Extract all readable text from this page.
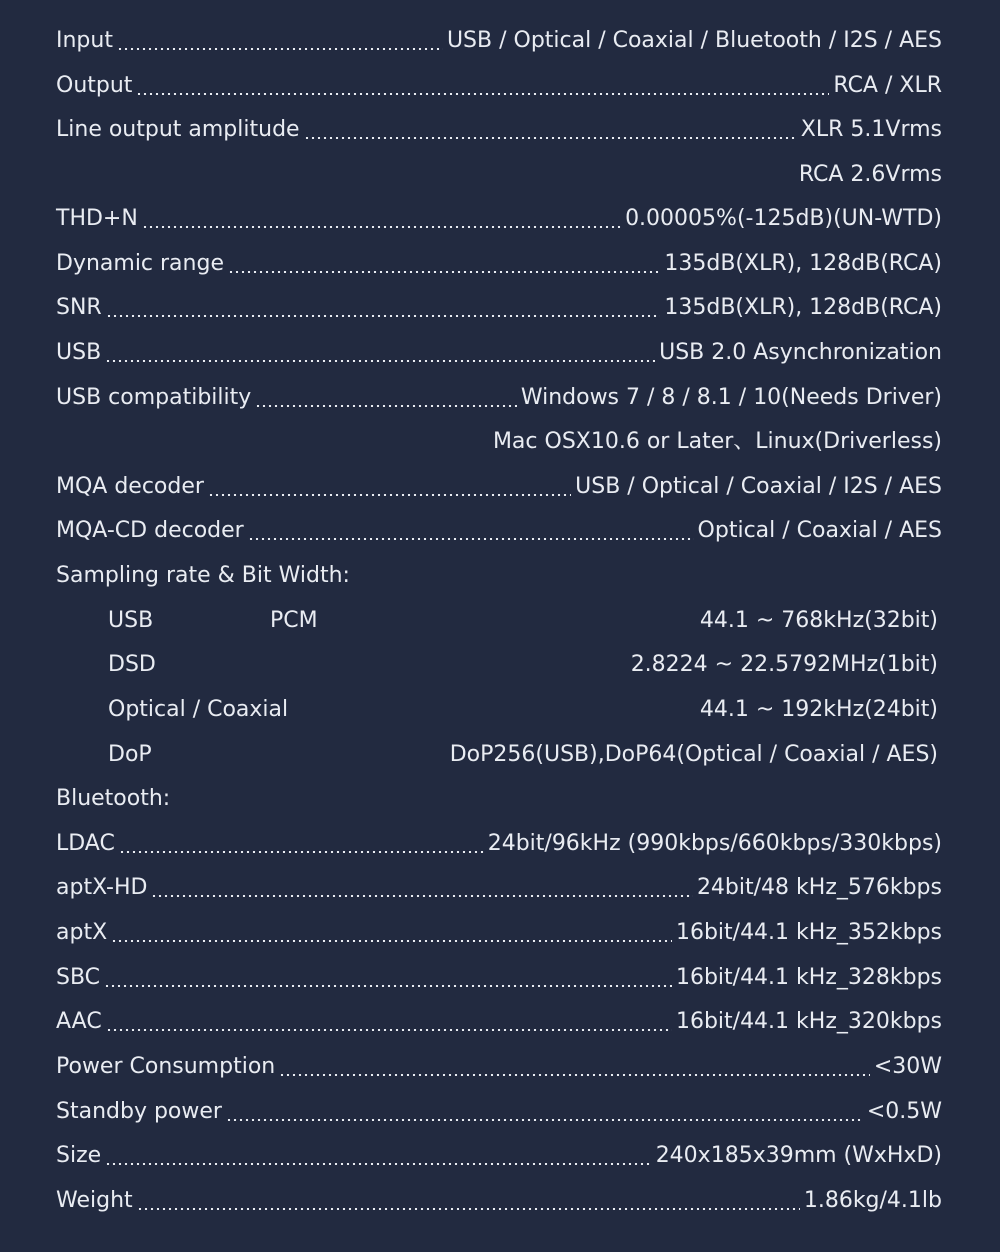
Input	USB / Optical / Coaxial / Bluetooth / I2S / AES
Output	RCA / XLR
Line output amplitude	XLR 5.1Vrms
RCA 2.6Vrms
THD+N	0.00005%(-125dB)(UN-WTD)
Dynamic range	135dB(XLR), 128dB(RCA)
SNR	135dB(XLR), 128dB(RCA)
USB	USB 2.0 Asynchronization
USB compatibility	Windows 7 / 8 / 8.1 / 10(Needs Driver)
Mac OSX10.6 or Later、Linux(Driverless)
MQA decoder	USB / Optical / Coaxial / I2S / AES
MQA-CD decoder	Optical / Coaxial / AES
Sampling rate & Bit Width:
USB	PCM	44.1 ~ 768kHz(32bit)
DSD	2.8224 ~ 22.5792MHz(1bit)
Optical / Coaxial	44.1 ~ 192kHz(24bit)
DoP	DoP256(USB),DoP64(Optical / Coaxial / AES)
Bluetooth:
LDAC	24bit/96kHz (990kbps/660kbps/330kbps)
aptX-HD	24bit/48 kHz_576kbps
aptX	16bit/44.1 kHz_352kbps
SBC	16bit/44.1 kHz_328kbps
AAC	16bit/44.1 kHz_320kbps
Power Consumption	<30W
Standby power	<0.5W
Size	240x185x39mm (WxHxD)
Weight	1.86kg/4.1lb
